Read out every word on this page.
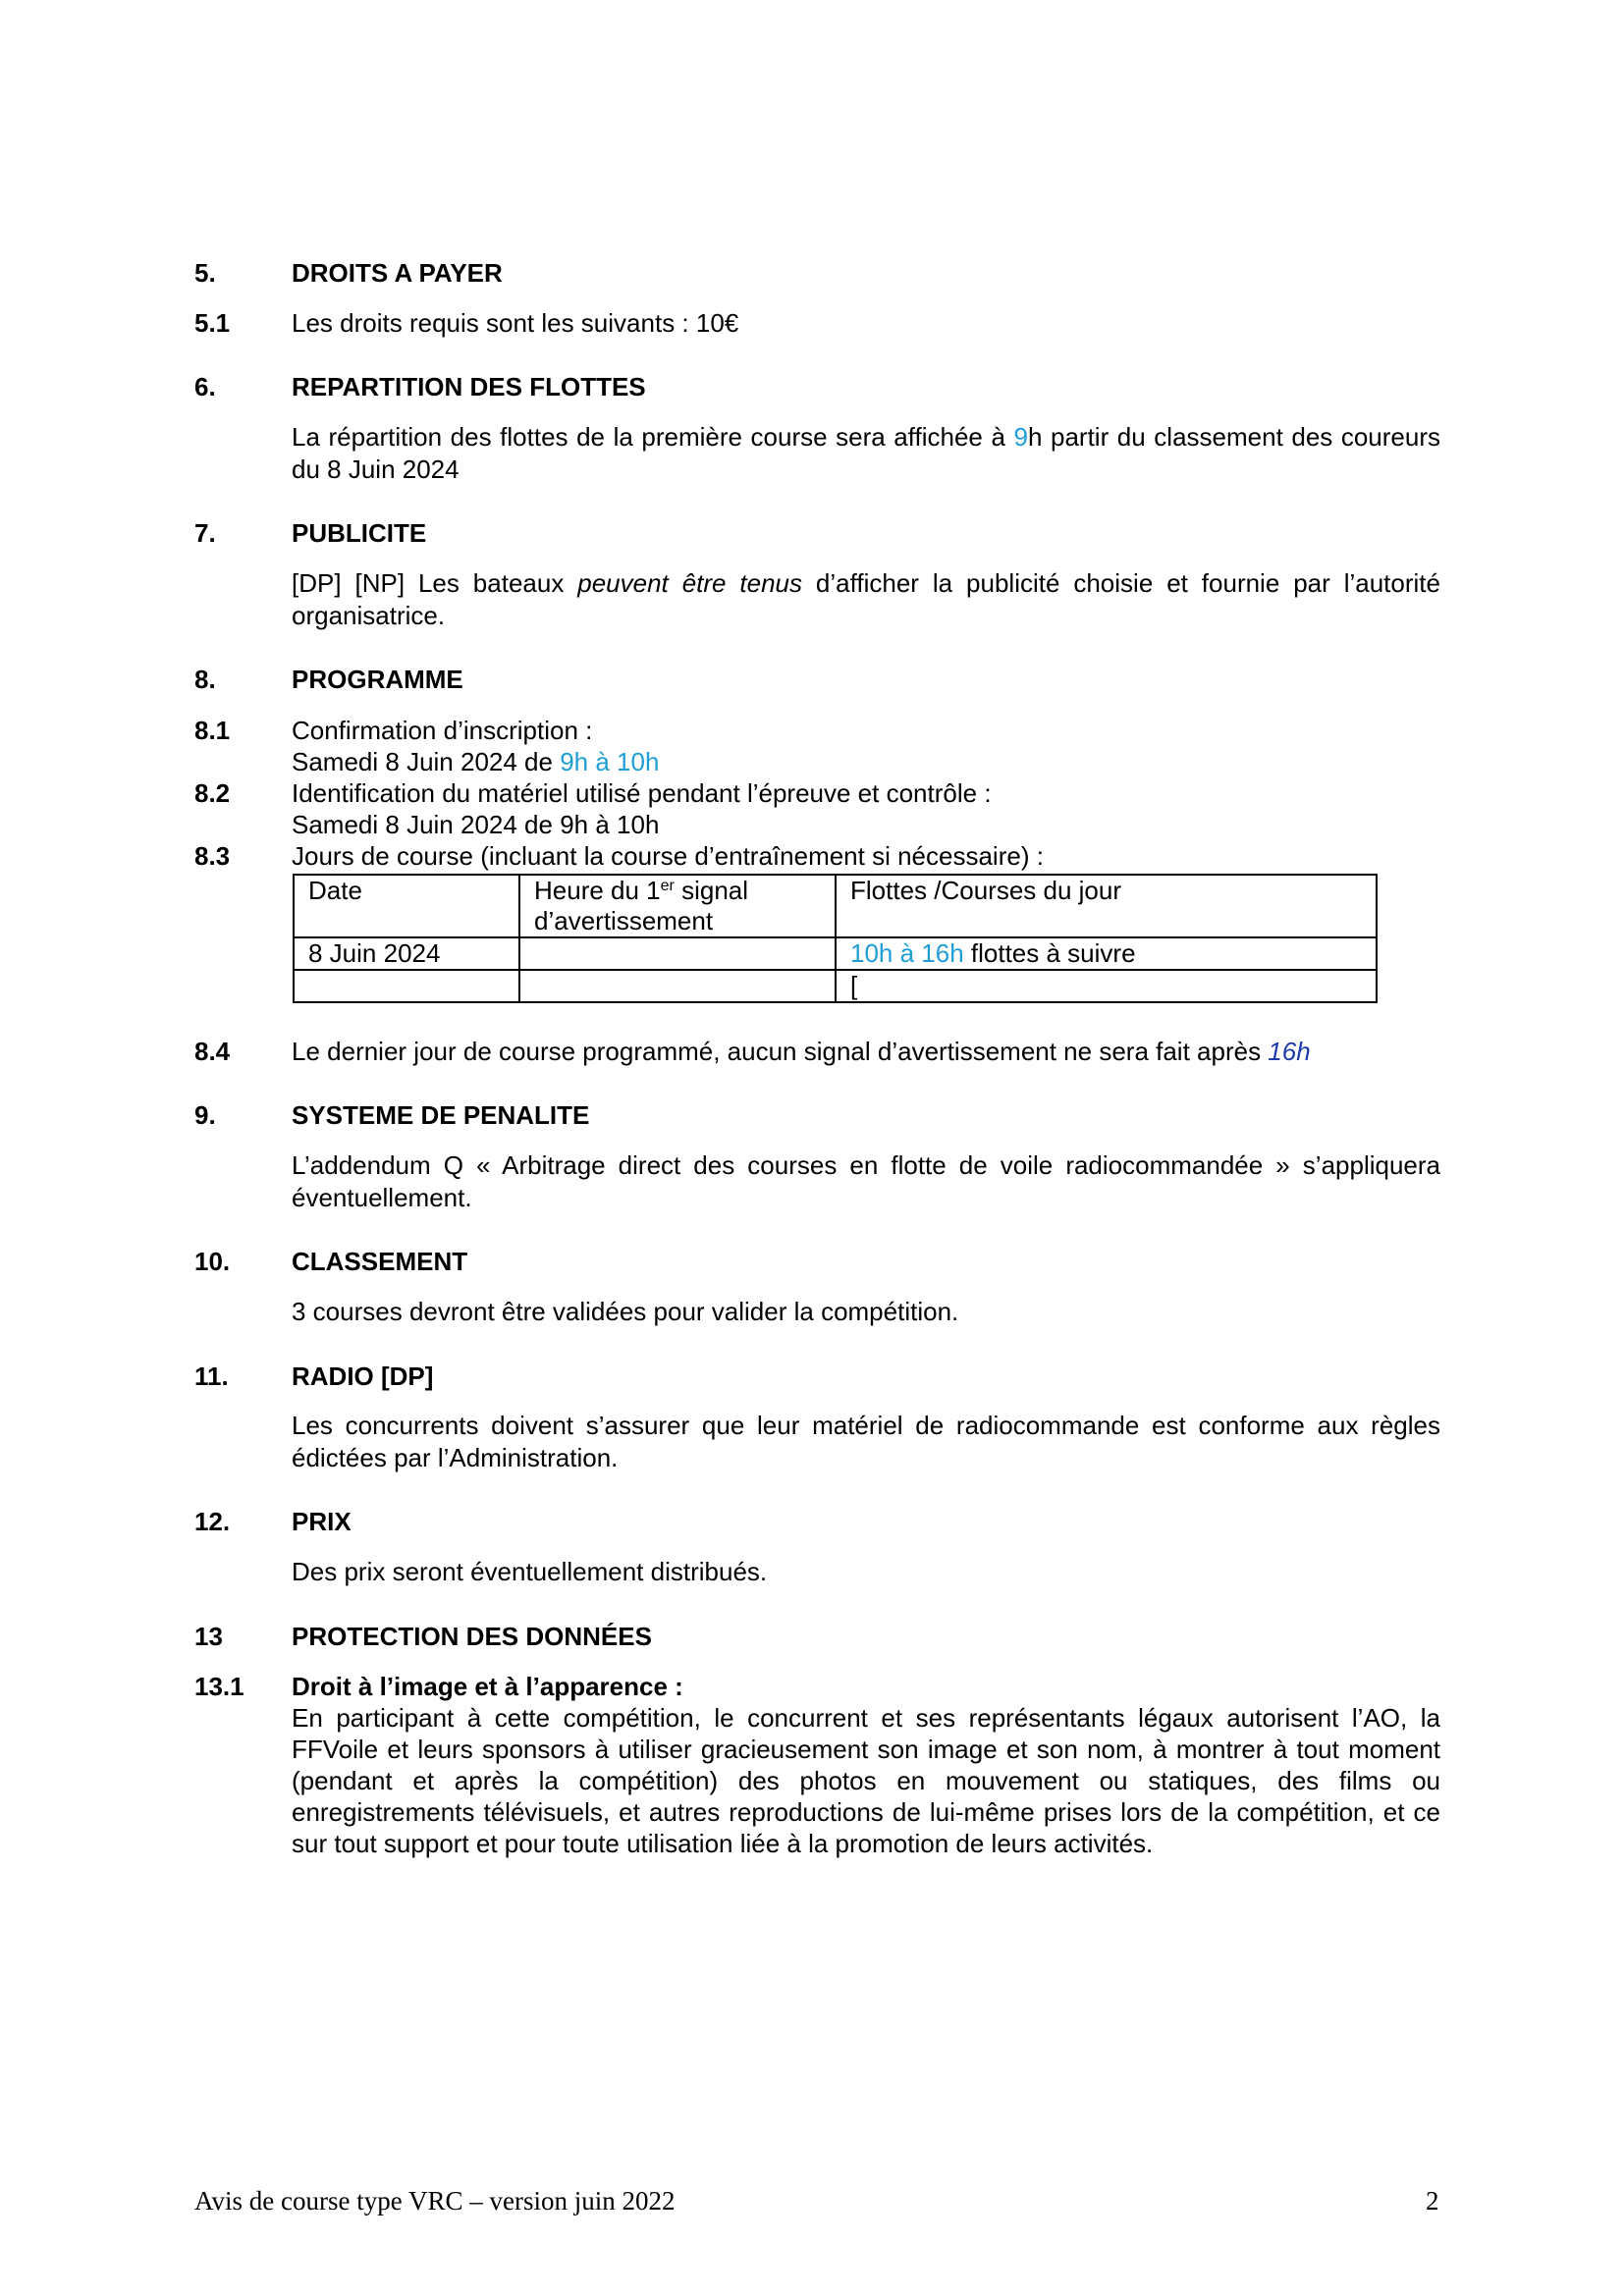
5.	DROITS A PAYER
5.1 Les droits requis sont les suivants : 10€
6.	REPARTITION DES FLOTTES
La répartition des flottes de la première course sera affichée à 9h partir du classement des coureurs du 8 Juin 2024
7.	PUBLICITE
[DP] [NP] Les bateaux peuvent être tenus d’afficher la publicité choisie et fournie par l’autorité organisatrice.
8.	PROGRAMME
8.1 Confirmation d’inscription :
Samedi 8 Juin 2024 de 9h à 10h
8.2 Identification du matériel utilisé pendant l’épreuve et contrôle :
Samedi 8 Juin 2024 de 9h à 10h
8.3 Jours de course (incluant la course d’entraînement si nécessaire) :
Date	Heure du 1er signal d’avertissement	Flottes /Courses du jour
8 Juin 2024		10h à 16h flottes à suivre
		[
8.4 Le dernier jour de course programmé, aucun signal d’avertissement ne sera fait après 16h
9.	SYSTEME DE PENALITE
L’addendum Q « Arbitrage direct des courses en flotte de voile radiocommandée » s’appliquera éventuellement.
10. CLASSEMENT
3 courses devront être validées pour valider la compétition.
11. RADIO [DP]
Les concurrents doivent s’assurer que leur matériel de radiocommande est conforme aux règles édictées par l’Administration.
12. PRIX
Des prix seront éventuellement distribués.
13	PROTECTION DES DONNÉES
13.1 Droit à l’image et à l’apparence :
En participant à cette compétition, le concurrent et ses représentants légaux autorisent l’AO, la FFVoile et leurs sponsors à utiliser gracieusement son image et son nom, à montrer à tout moment (pendant et après la compétition) des photos en mouvement ou statiques, des films ou enregistrements télévisuels, et autres reproductions de lui-même prises lors de la compétition, et ce sur tout support et pour toute utilisation liée à la promotion de leurs activités.
Avis de course type VRC – version juin 2022	2
